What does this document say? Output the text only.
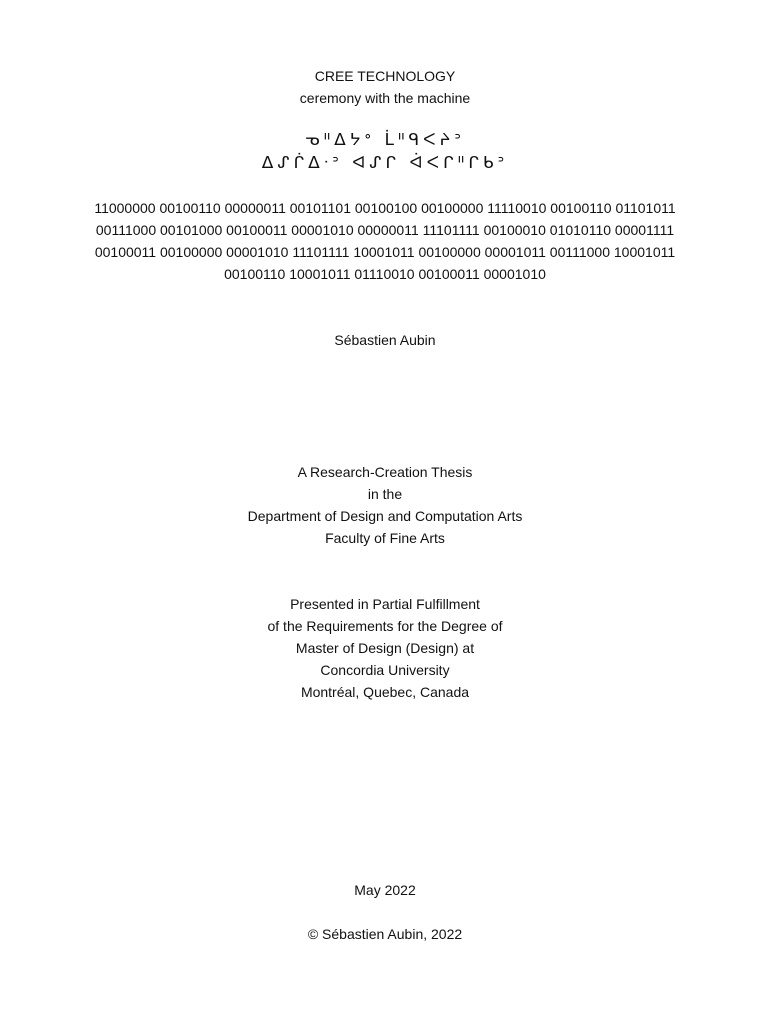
CREE TECHNOLOGY
ceremony with the machine
ᓀᐦᐃᔭᐤ ᒫᐦᑫᐸᔨᐣ
ᐃᔑᒌᐃᐧᐣ ᐊᔑᒋ ᐋᐸᒋᐦᒋᑲᐣ
11000000 00100110 00000011 00101101 00100100 00100000 11110010 00100110 01101011
00111000 00101000 00100011 00001010 00000011 11101111 00100010 01010110 00001111
00100011 00100000 00001010 11101111 10001011 00100000 00001011 00111000 10001011
00100110 10001011 01110010 00100011 00001010
Sébastien Aubin
A Research-Creation Thesis
in the
Department of Design and Computation Arts
Faculty of Fine Arts
Presented in Partial Fulfillment
of the Requirements for the Degree of
Master of Design (Design) at
Concordia University
Montréal, Quebec, Canada
May 2022
© Sébastien Aubin, 2022
